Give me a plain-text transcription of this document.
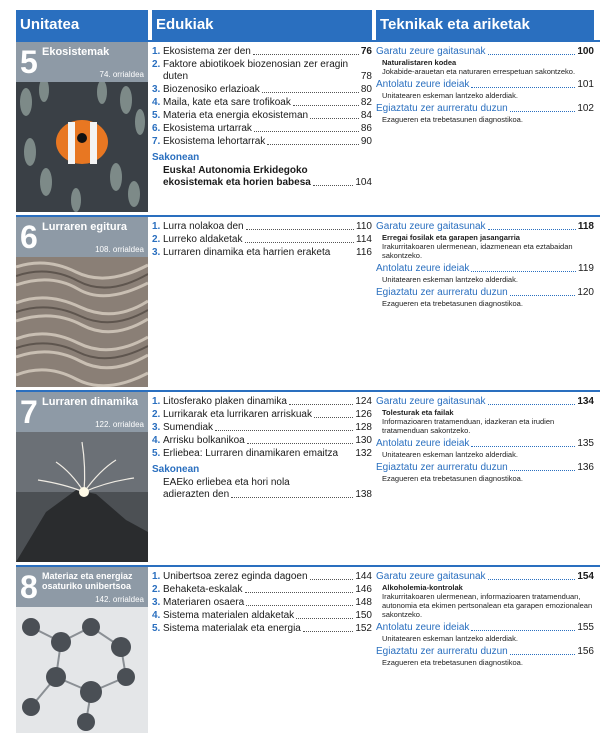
Unitatea	Edukiak	Teknikak eta ariketak
5 Ekosistemak
74. orrialdea
1. Ekosistema zer den	76
2. Faktore abiotikoek biozenosian zer eragin duten	78
3. Biozenosiko erlazioak	80
4. Maila, kate eta sare trofikoak	82
5. Materia eta energia ekosisteman	84
6. Ekosistema urtarrak	86
7. Ekosistema lehortarrak	90
Sakonean
Euska! Autonomia Erkidegoko
ekosistemak eta horien babesa	104
Garatu zeure gaitasunak	100
Naturalistaren kodea
Jokabide-arauetan eta naturaren errespetuan sakontzeko.
Antolatu zeure ideiak	101
Unitatearen eskeman lantzeko alderdiak.
Egiaztatu zer aurreratu duzun	102
Ezagueren eta trebetasunen diagnostikoa.
6 Lurraren egitura
108. orrialdea
1. Lurra nolakoa den	110
2. Lurreko aldaketak	114
3. Lurraren dinamika eta harrien eraketa	116
Garatu zeure gaitasunak	118
Erregai fosilak eta garapen jasangarria
Irakurritakoaren ulermenean, idazmenean eta eztabaidan sakontzeko.
Antolatu zeure ideiak	119
Unitatearen eskeman lantzeko alderdiak.
Egiaztatu zer aurreratu duzun	120
Ezagueren eta trebetasunen diagnostikoa.
7 Lurraren dinamika
122. orrialdea
1. Litosferako plaken dinamika	124
2. Lurrikarak eta lurrikaren arriskuak	126
3. Sumendiak	128
4. Arrisku bolkanikoa	130
5. Erliebea: Lurraren dinamikaren emaitza	132
Sakonean
EAEko erliebea eta hori nola
adierazten den	138
Garatu zeure gaitasunak	134
Tolesturak eta failak
Informazioaren tratamenduan, idazkeran eta irudien tratamenduan sakontzeko.
Antolatu zeure ideiak	135
Unitatearen eskeman lantzeko alderdiak.
Egiaztatu zer aurreratu duzun	136
Ezagueren eta trebetasunen diagnostikoa.
8 Materiaz eta energiaz osaturiko unibertsoa
142. orrialdea
1. Unibertsoa zerez eginda dagoen	144
2. Behaketa-eskalak	146
3. Materiaren osaera	148
4. Sistema materialen aldaketak	150
5. Sistema materialak eta energia	152
Garatu zeure gaitasunak	154
Alkoholemia-kontrolak
Irakurritakoaren ulermenean, informazioaren tratamenduan, autonomia eta ekimen pertsonalean eta garapen emozionalean sakontzeko.
Antolatu zeure ideiak	155
Unitatearen eskeman lantzeko alderdiak.
Egiaztatu zer aurreratu duzun	156
Ezagueren eta trebetasunen diagnostikoa.
